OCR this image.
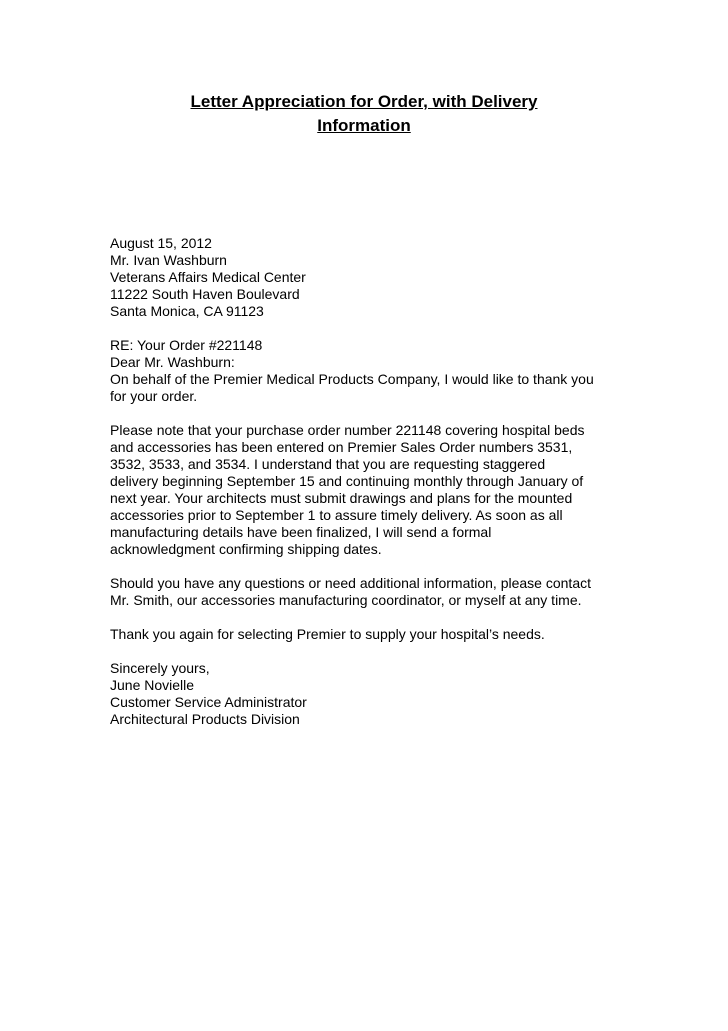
Letter Appreciation for Order, with Delivery
Information

August 15, 2012

Mr. Ivan Washburn
Veterans Affairs Medical Center
11222 South Haven Boulevard
Santa Monica, CA 91123

RE: Your Order #221148

Dear Mr. Washburn:

On behalf of the Premier Medical Products Company, I would like to thank you
for your order.
Please note that your purchase order number 221148 covering hospital beds
and accessories has been entered on Premier Sales Order numbers 3531,
3532, 3533, and 3534. I understand that you are requesting staggered
delivery beginning September 15 and continuing monthly through January of
next year. Your architects must submit drawings and plans for the mounted
accessories prior to September 1 to assure timely delivery. As soon as all
manufacturing details have been finalized, I will send a formal
acknowledgment confirming shipping dates.
Should you have any questions or need additional information, please contact
Mr. Smith, our accessories manufacturing coordinator, or myself at any time.
Thank you again for selecting Premier to supply your hospital’s needs.

Sincerely yours,

June Novielle
Customer Service Administrator
Architectural Products Division
